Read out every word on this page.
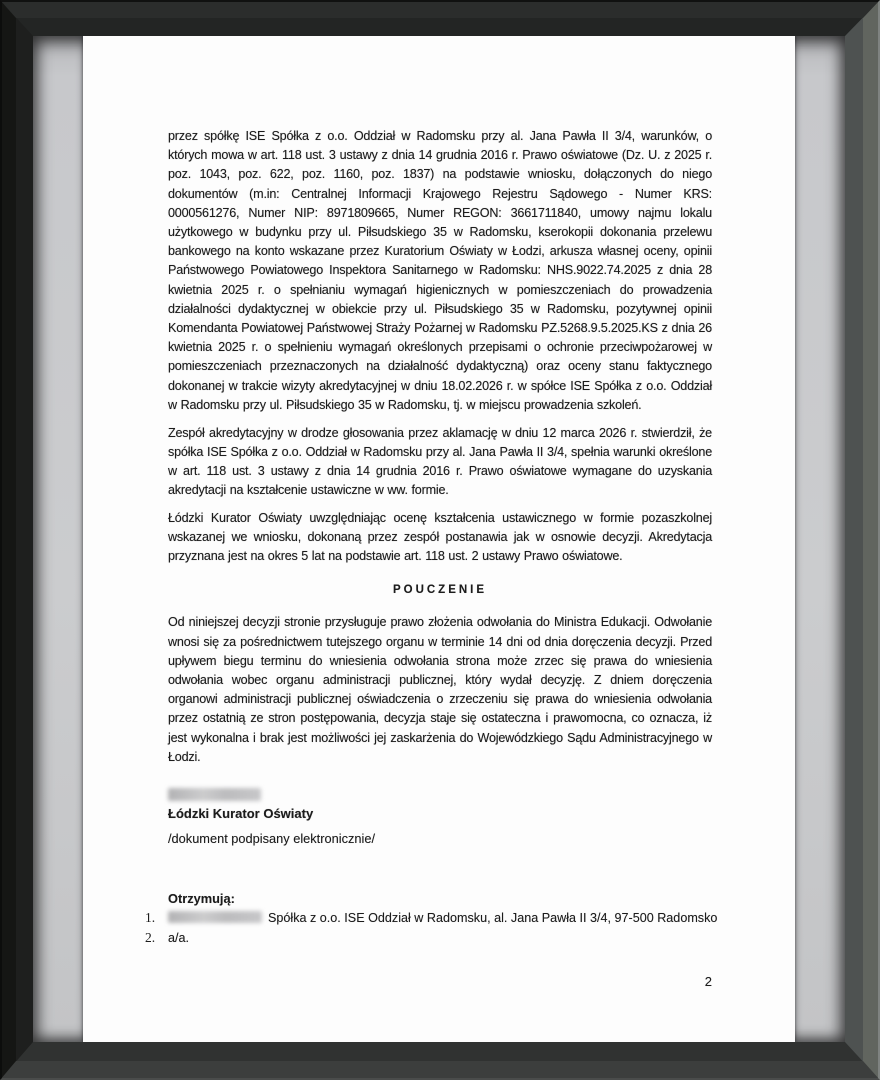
przez spółkę ISE Spółka z o.o. Oddział w Radomsku przy al. Jana Pawła II 3/4, warunków, o których mowa w art. 118 ust. 3 ustawy z dnia 14 grudnia 2016 r. Prawo oświatowe (Dz. U. z 2025 r. poz. 1043, poz. 622, poz. 1160, poz. 1837) na podstawie wniosku, dołączonych do niego dokumentów (m.in: Centralnej Informacji Krajowego Rejestru Sądowego - Numer KRS: 0000561276, Numer NIP: 8971809665, Numer REGON: 3661711840, umowy najmu lokalu użytkowego w budynku przy ul. Piłsudskiego 35 w Radomsku, kserokopii dokonania przelewu bankowego na konto wskazane przez Kuratorium Oświaty w Łodzi, arkusza własnej oceny, opinii Państwowego Powiatowego Inspektora Sanitarnego w Radomsku: NHS.9022.74.2025 z dnia 28 kwietnia 2025 r. o spełnianiu wymagań higienicznych w pomieszczeniach do prowadzenia działalności dydaktycznej w obiekcie przy ul. Piłsudskiego 35 w Radomsku, pozytywnej opinii Komendanta Powiatowej Państwowej Straży Pożarnej w Radomsku PZ.5268.9.5.2025.KS z dnia 26 kwietnia 2025 r. o spełnieniu wymagań określonych przepisami o ochronie przeciwpożarowej w pomieszczeniach przeznaczonych na działalność dydaktyczną) oraz oceny stanu faktycznego dokonanej w trakcie wizyty akredytacyjnej w dniu 18.02.2026 r. w spółce ISE Spółka z o.o. Oddział w Radomsku przy ul. Piłsudskiego 35 w Radomsku, tj. w miejscu prowadzenia szkoleń.

Zespół akredytacyjny w drodze głosowania przez aklamację w dniu 12 marca 2026 r. stwierdził, że spółka ISE Spółka z o.o. Oddział w Radomsku przy al. Jana Pawła II 3/4, spełnia warunki określone w art. 118 ust. 3 ustawy z dnia 14 grudnia 2016 r. Prawo oświatowe wymagane do uzyskania akredytacji na kształcenie ustawiczne w ww. formie.

Łódzki Kurator Oświaty uwzględniając ocenę kształcenia ustawicznego w formie pozaszkolnej wskazanej we wniosku, dokonaną przez zespół postanawia jak w osnowie decyzji. Akredytacja przyznana jest na okres 5 lat na podstawie art. 118 ust. 2 ustawy Prawo oświatowe.

POUCZENIE

Od niniejszej decyzji stronie przysługuje prawo złożenia odwołania do Ministra Edukacji. Odwołanie wnosi się za pośrednictwem tutejszego organu w terminie 14 dni od dnia doręczenia decyzji. Przed upływem biegu terminu do wniesienia odwołania strona może zrzec się prawa do wniesienia odwołania wobec organu administracji publicznej, który wydał decyzję. Z dniem doręczenia organowi administracji publicznej oświadczenia o zrzeczeniu się prawa do wniesienia odwołania przez ostatnią ze stron postępowania, decyzja staje się ostateczna i prawomocna, co oznacza, iż jest wykonalna i brak jest możliwości jej zaskarżenia do Wojewódzkiego Sądu Administracyjnego w Łodzi.

Łódzki Kurator Oświaty
/dokument podpisany elektronicznie/
Otrzymują:
1.	Spółka z o.o. ISE Oddział w Radomsku, al. Jana Pawła II 3/4, 97-500 Radomsko
2.	a/a.
2
